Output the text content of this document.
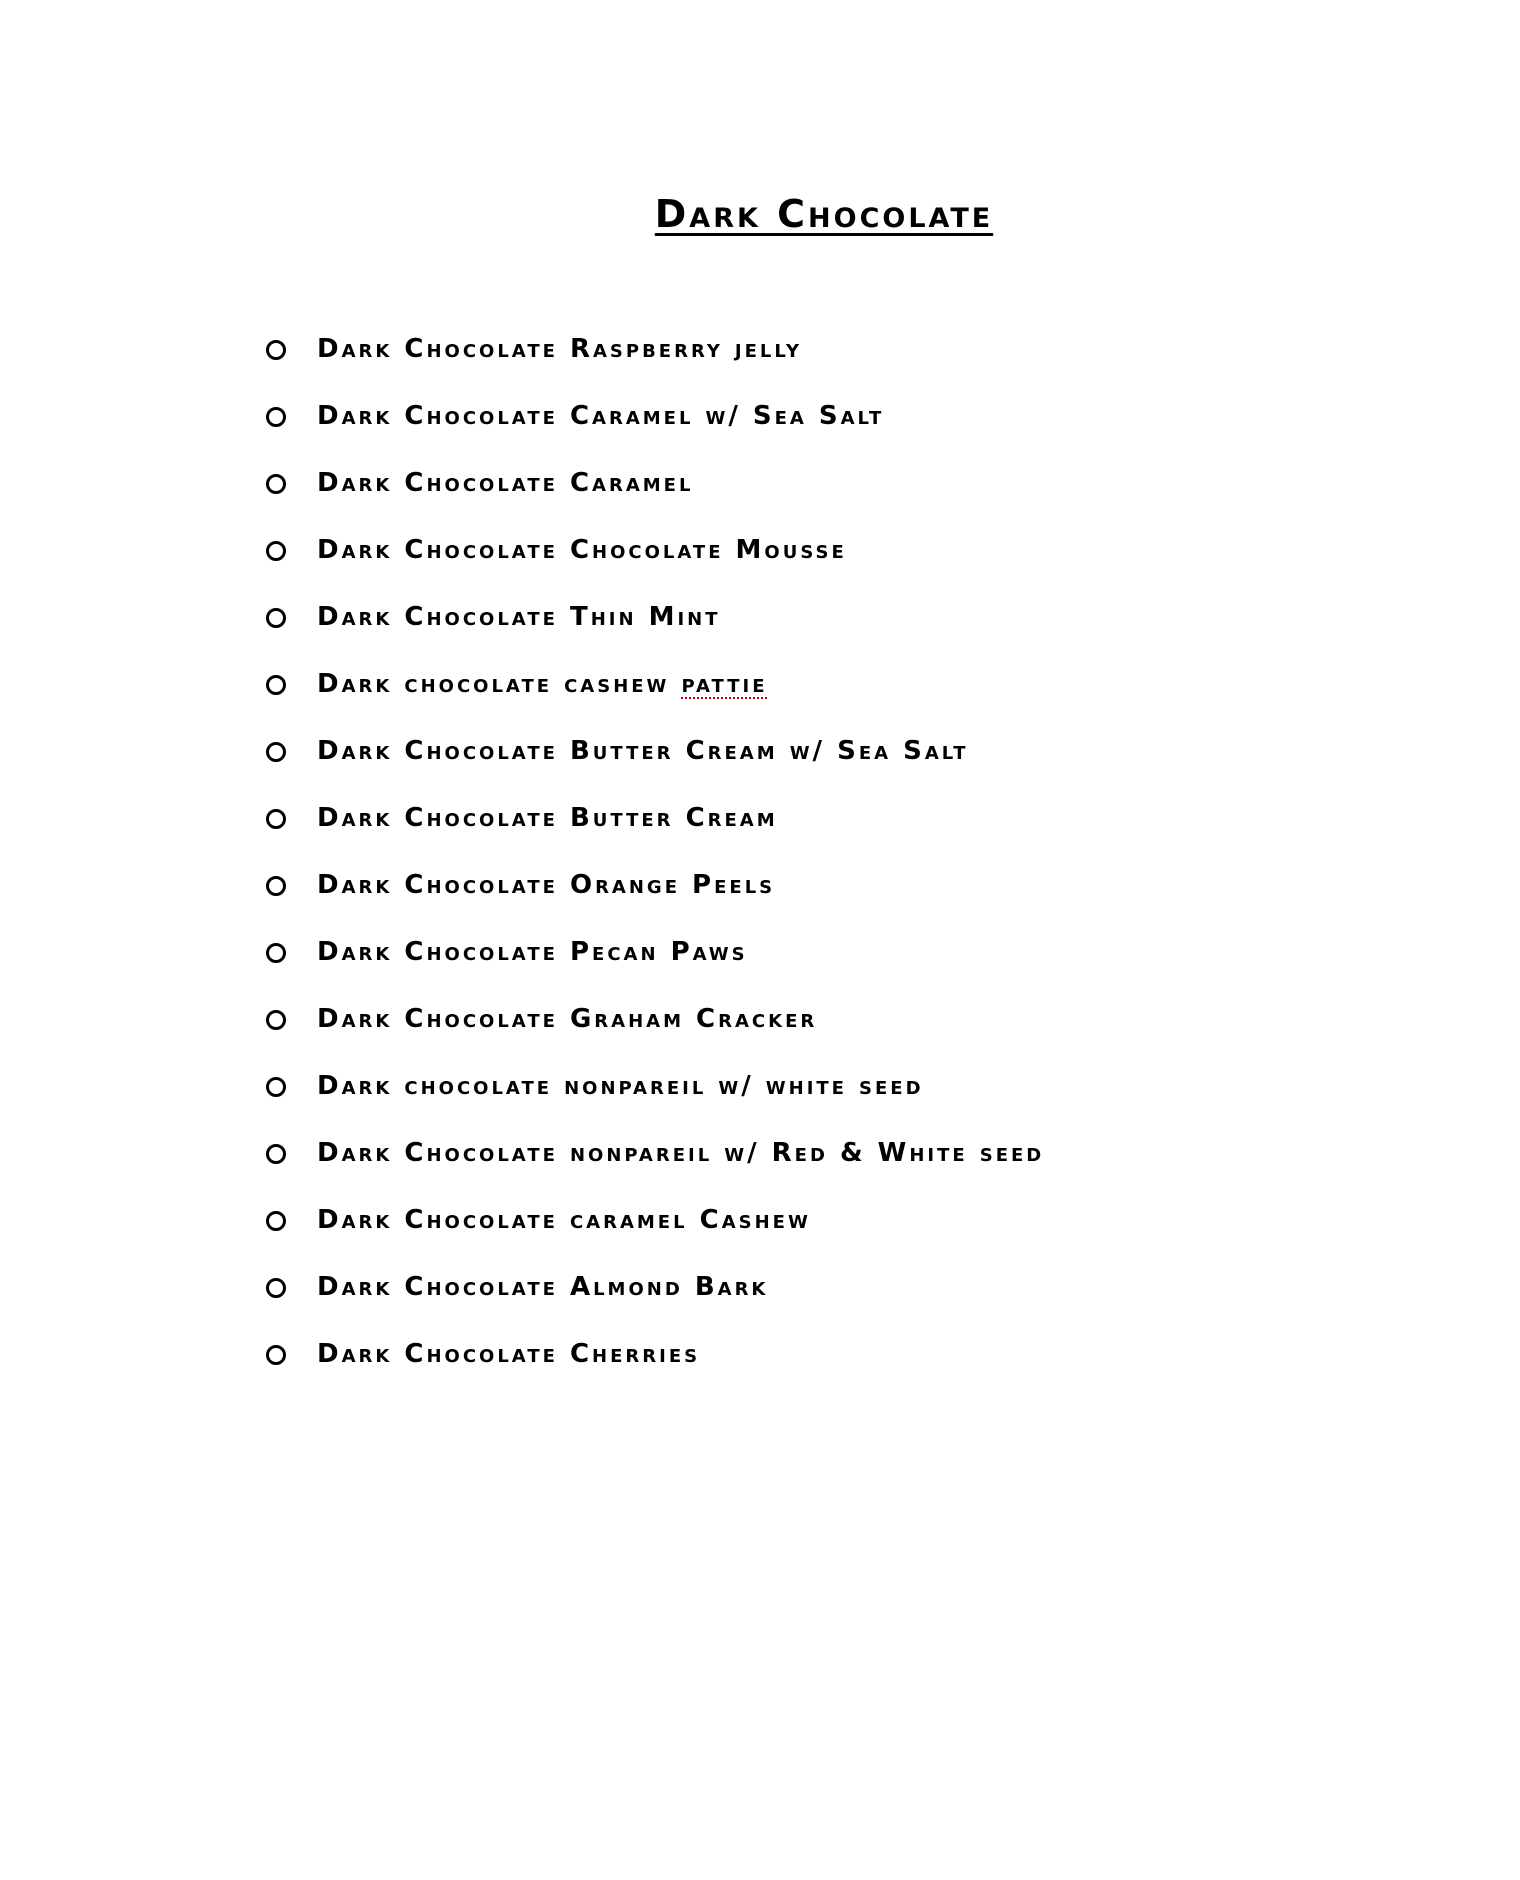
Dark Chocolate
Dark Chocolate Raspberry jelly
Dark Chocolate Caramel w/ Sea Salt
Dark Chocolate Caramel
Dark Chocolate Chocolate Mousse
Dark Chocolate Thin Mint
Dark chocolate cashew pattie
Dark Chocolate Butter Cream w/ Sea Salt
Dark Chocolate Butter Cream
Dark Chocolate Orange Peels
Dark Chocolate Pecan Paws
Dark Chocolate Graham Cracker
Dark chocolate nonpareil w/ white seed
Dark Chocolate nonpareil w/ Red & White seed
Dark Chocolate caramel Cashew
Dark Chocolate Almond Bark
Dark Chocolate Cherries
